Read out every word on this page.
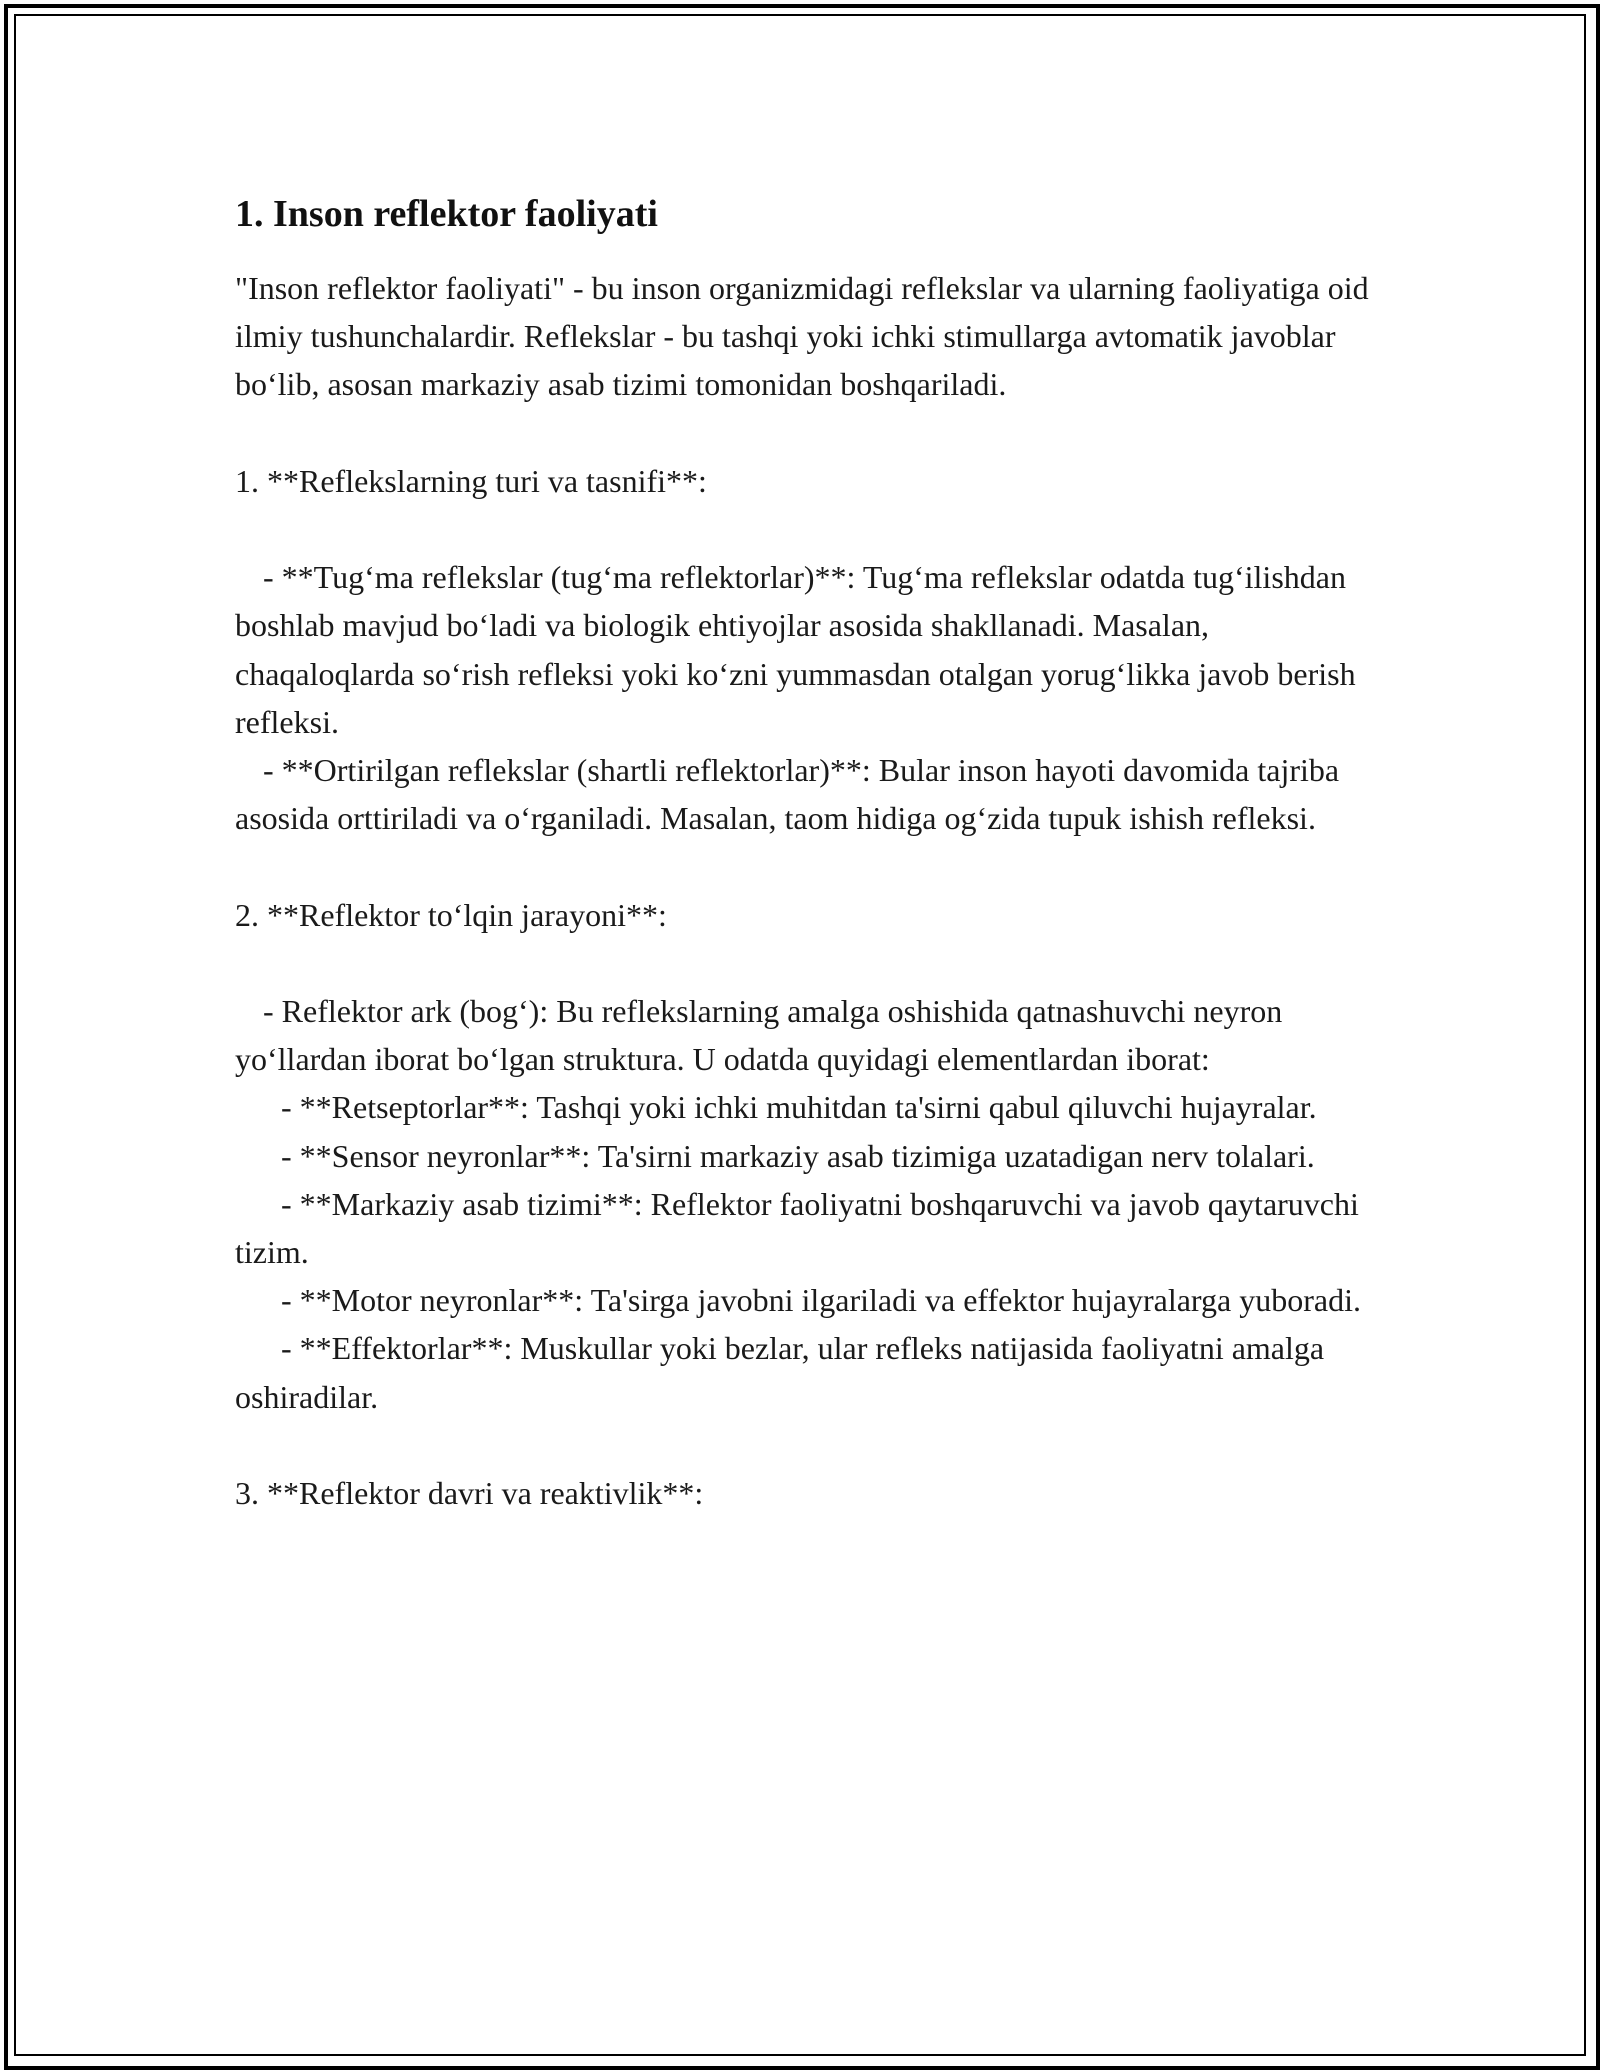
1. Inson reflektor faoliyati

"Inson reflektor faoliyati" - bu inson organizmidagi reflekslar va ularning faoliyatiga oid ilmiy tushunchalardir. Reflekslar - bu tashqi yoki ichki stimullarga avtomatik javoblar bo‘lib, asosan markaziy asab tizimi tomonidan boshqariladi.

1. **Reflekslarning turi va tasnifi**:

- **Tug‘ma reflekslar (tug‘ma reflektorlar)**: Tug‘ma reflekslar odatda tug‘ilishdan boshlab mavjud bo‘ladi va biologik ehtiyojlar asosida shakllanadi. Masalan, chaqaloqlarda so‘rish refleksi yoki ko‘zni yummasdan otalgan yorug‘likka javob berish refleksi.

- **Ortirilgan reflekslar (shartli reflektorlar)**: Bular inson hayoti davomida tajriba asosida orttiriladi va o‘rganiladi. Masalan, taom hidiga og‘zida tupuk ishish refleksi.

2. **Reflektor to‘lqin jarayoni**:

- Reflektor ark (bog‘): Bu reflekslarning amalga oshishida qatnashuvchi neyron yo‘llardan iborat bo‘lgan struktura. U odatda quyidagi elementlardan iborat:

- **Retseptorlar**: Tashqi yoki ichki muhitdan ta'sirni qabul qiluvchi hujayralar.

- **Sensor neyronlar**: Ta'sirni markaziy asab tizimiga uzatadigan nerv tolalari.

- **Markaziy asab tizimi**: Reflektor faoliyatni boshqaruvchi va javob qaytaruvchi tizim.

- **Motor neyronlar**: Ta'sirga javobni ilgariladi va effektor hujayralarga yuboradi.

- **Effektorlar**: Muskullar yoki bezlar, ular refleks natijasida faoliyatni amalga oshiradilar.

3. **Reflektor davri va reaktivlik**:
